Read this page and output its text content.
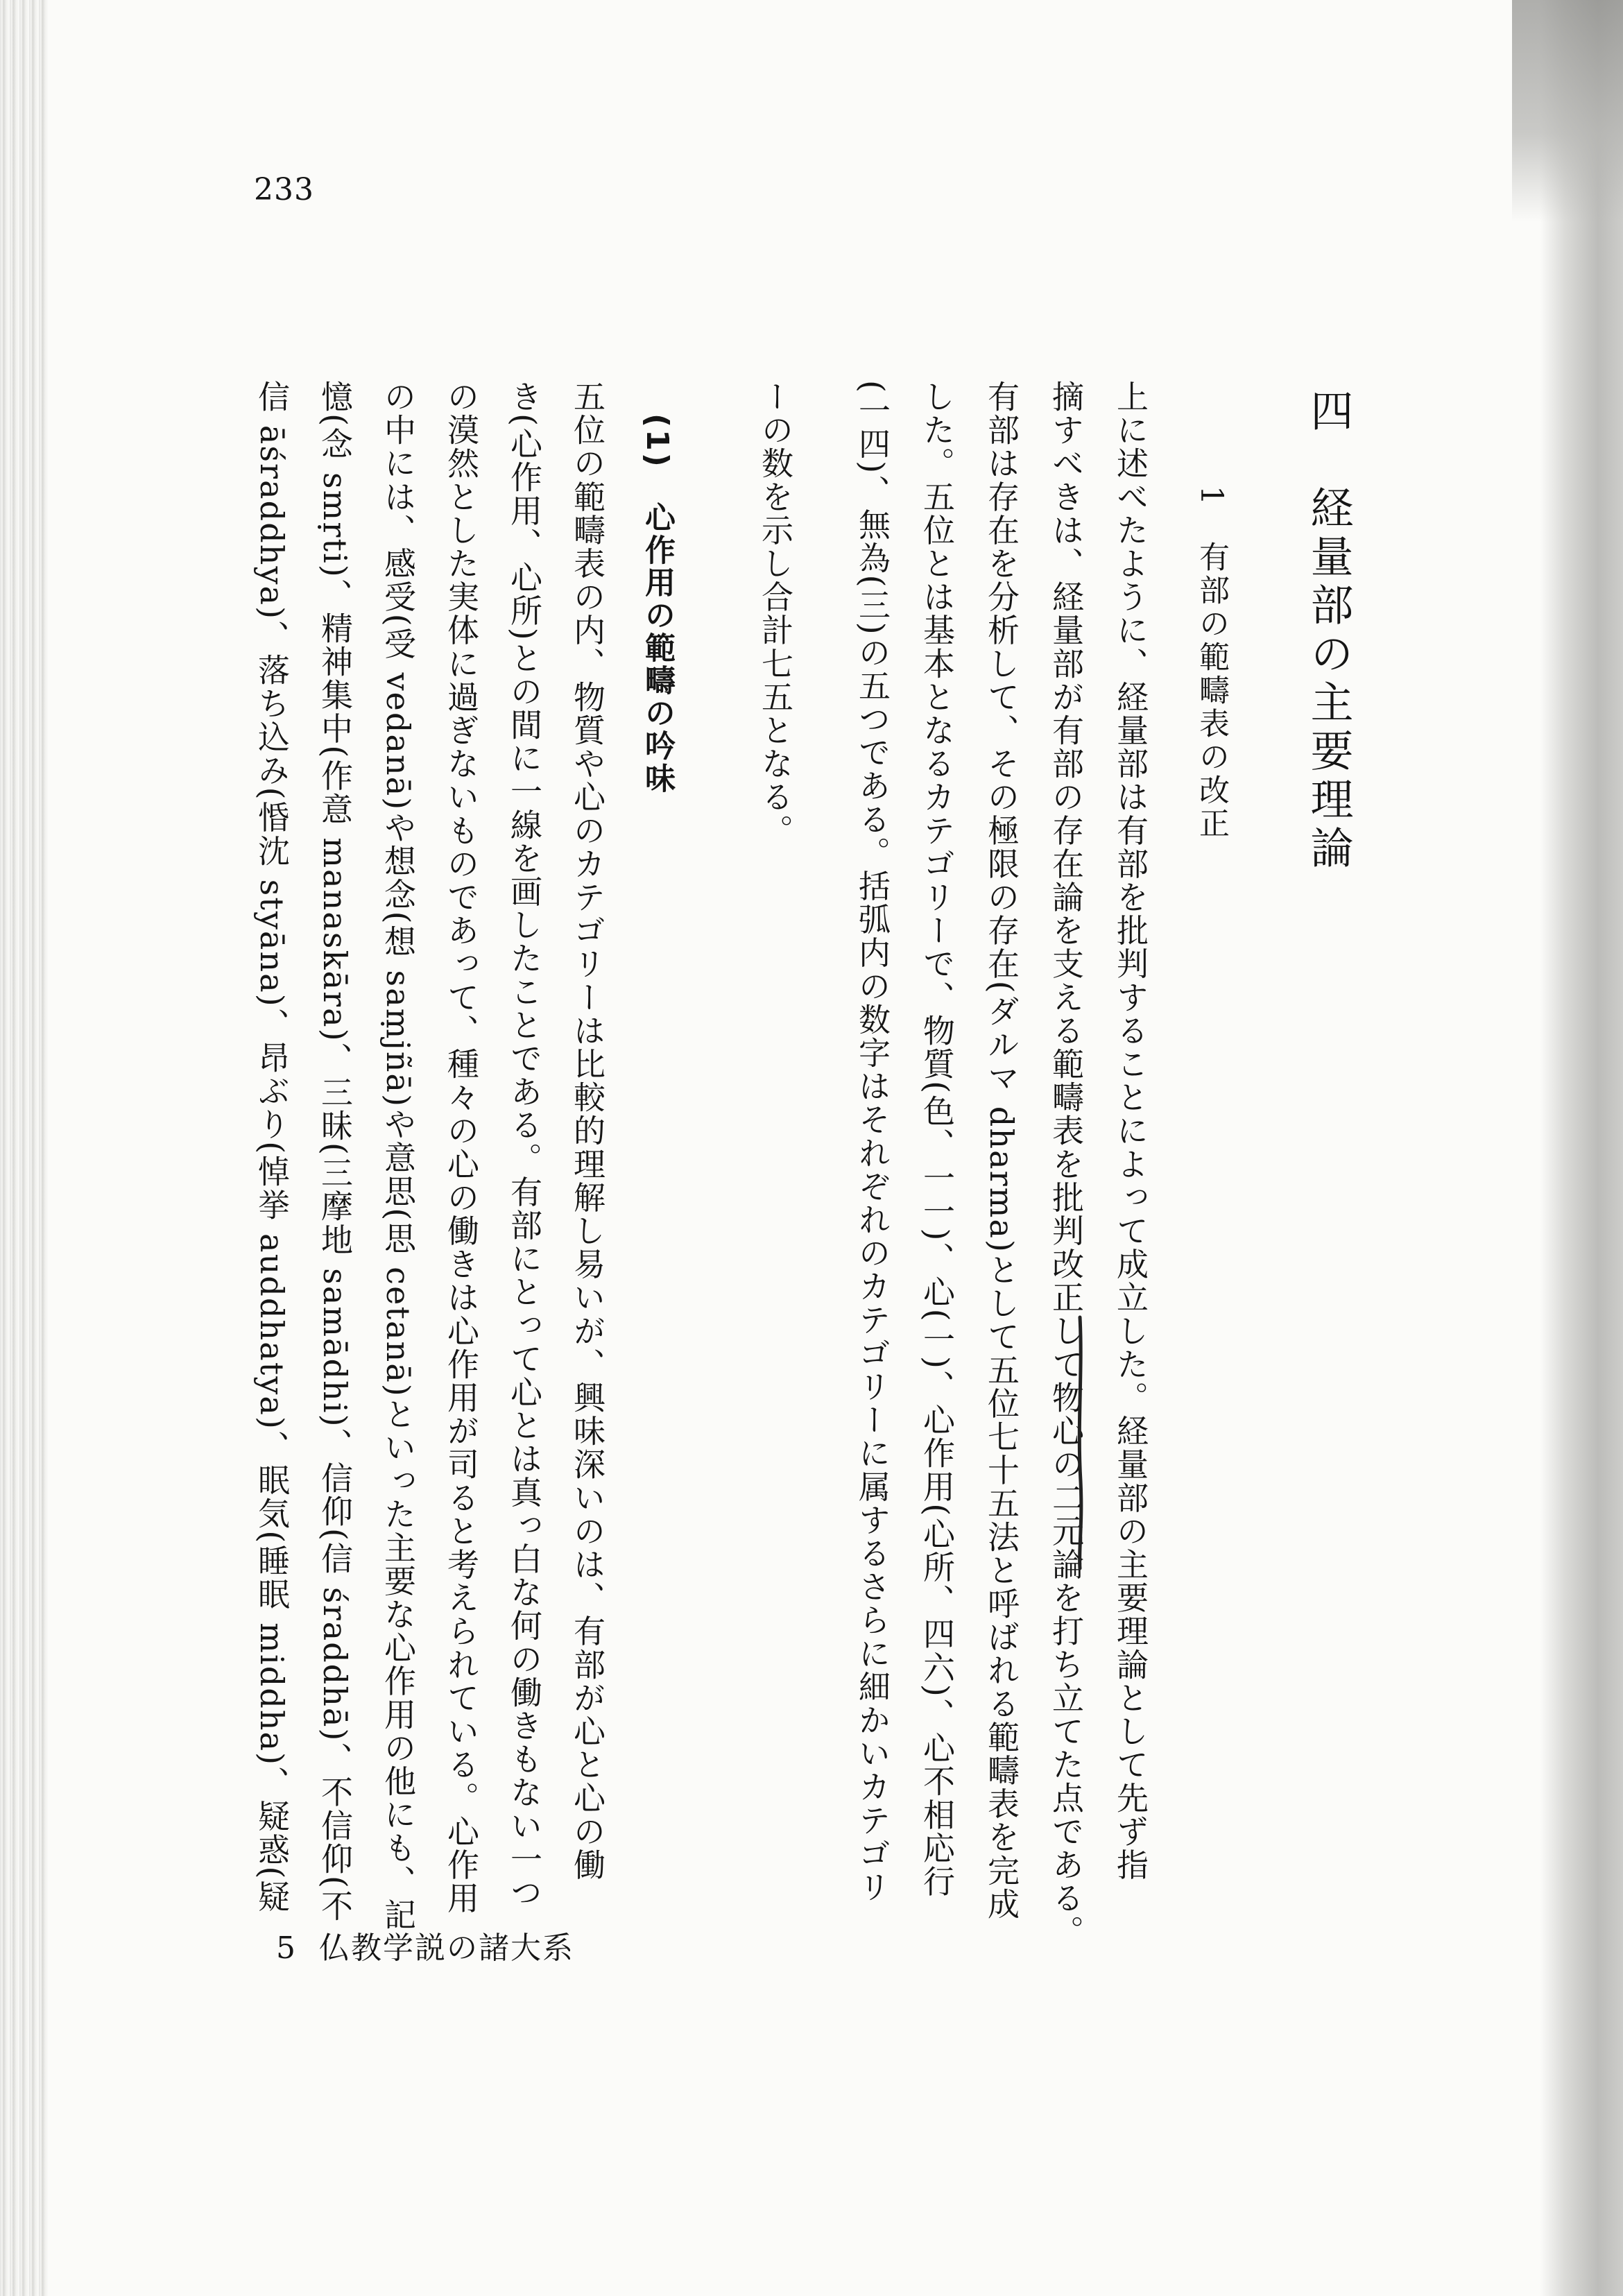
233
四　経量部の主要理論
1　有部の範疇表の改正
上に述べたように、経量部は有部を批判することによって成立した。経量部の主要理論として先ず指
摘すべきは、経量部が有部の存在論を支える範疇表を批判改正して物心の二元論を打ち立てた点である。
有部は存在を分析して、その極限の存在(ダルマ dharma)として五位七十五法と呼ばれる範疇表を完成
した。五位とは基本となるカテゴリーで、物質(色、一一)、心(一)、心作用(心所、四六)、心不相応行
(一四)、無為(三)の五つである。括弧内の数字はそれぞれのカテゴリーに属するさらに細かいカテゴリ
ーの数を示し合計七五となる。
(1)　心作用の範疇の吟味
五位の範疇表の内、物質や心のカテゴリーは比較的理解し易いが、興味深いのは、有部が心と心の働
き(心作用、心所)との間に一線を画したことである。有部にとって心とは真っ白な何の働きもない一つ
の漠然とした実体に過ぎないものであって、種々の心の働きは心作用が司ると考えられている。心作用
の中には、感受(受 vedanā)や想念(想 saṃjñā)や意思(思 cetanā)といった主要な心作用の他にも、記
憶(念 smṛti)、精神集中(作意 manaskāra)、三昧(三摩地 samādhi)、信仰(信 śraddhā)、不信仰(不
信 āśraddhya)、落ち込み(惛沈 styāna)、昂ぶり(悼挙 auddhatya)、眠気(睡眠 middha)、疑惑(疑
5 仏教学説の諸大系
